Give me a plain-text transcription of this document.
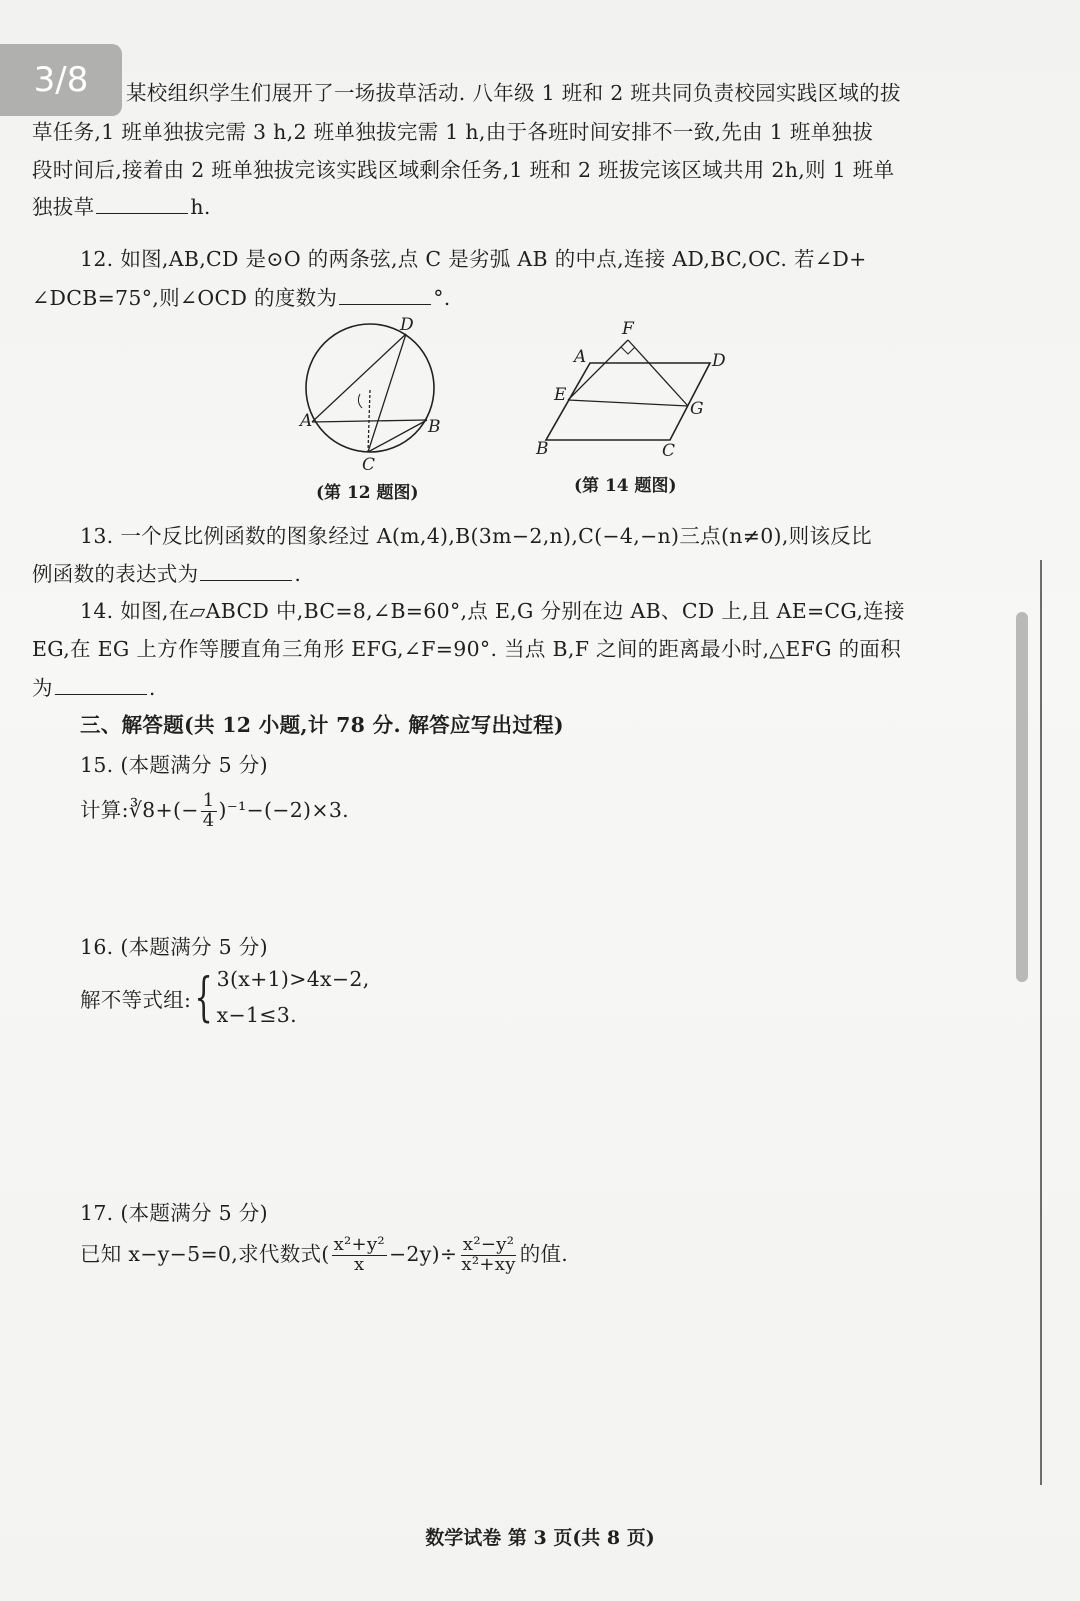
3/8 某校组织学生们展开了一场拔草活动. 八年级 1 班和 2 班共同负责校园实践区域的拔
草任务,1 班单独拔完需 3 h,2 班单独拔完需 1 h,由于各班时间安排不一致,先由 1 班单独拔
段时间后,接着由 2 班单独拔完该实践区域剩余任务,1 班和 2 班拔完该区域共用 2h,则 1 班单
独拔草	h.
12. 如图,AB,CD 是⊙O 的两条弦,点 C 是劣弧 AB 的中点,连接 AD,BC,OC. 若∠D+
∠DCB=75°,则∠OCD 的度数为	°.
D
A	B
C
(第 12 题图)
F
A	D
E
G
B	C
(第 14 题图)
13. 一个反比例函数的图象经过 A(m,4),B(3m−2,n),C(−4,−n)三点(n≠0),则该反比
例函数的表达式为	.
14. 如图,在▱ABCD 中,BC=8,∠B=60°,点 E,G 分别在边 AB、CD 上,且 AE=CG,连接
EG,在 EG 上方作等腰直角三角形 EFG,∠F=90°. 当点 B,F 之间的距离最小时,△EFG 的面积
为	.
三、解答题(共 12 小题,计 78 分. 解答应写出过程)
15. (本题满分 5 分)
计算:∛8+(− $\frac{1}{4} )^{-1}-(-2)\times 3$.
16. (本题满分 5 分)
解不等式组:{ 3(x+1)>4x−2,
x−1≤3.
17. (本题满分 5 分)
已知 x−y−5=0,求代数式( $\frac{\text{x²+y²}}{x} -2y)\div \frac{\text{x²−y²}}{\text{x²+xy}}$ 的值.
数学试卷 第 3 页(共 8 页)
